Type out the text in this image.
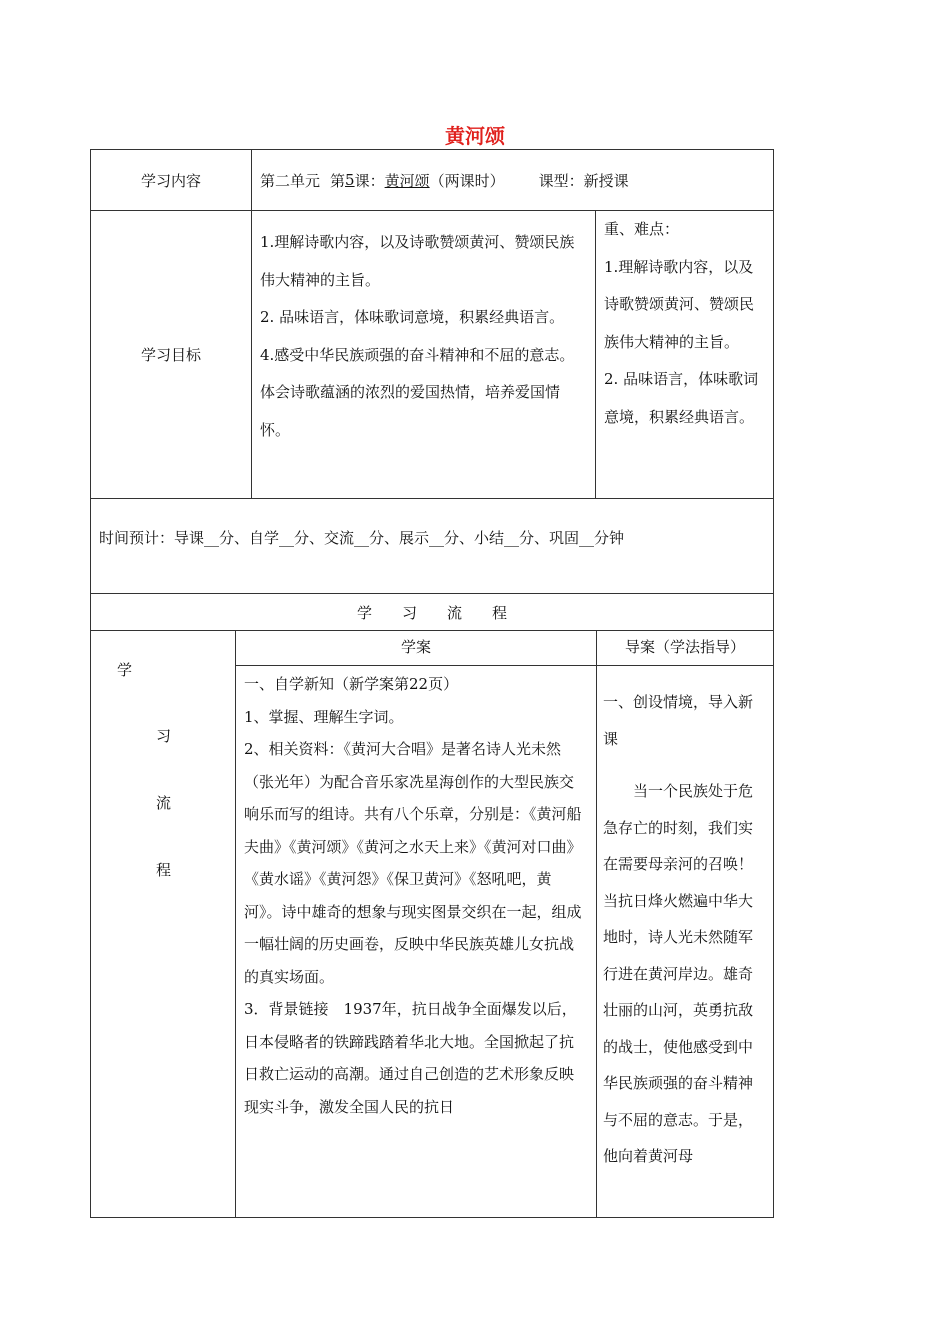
黄河颂
学习内容	第二单元 第 5 课： 黄河颂 （两课时） 课型：新授课
学习目标

1.理解诗歌内容，以及诗歌赞颂黄河、赞颂民族伟大精神的主旨。

2. 品味语言，体味歌词意境，积累经典语言。

4.感受中华民族顽强的奋斗精神和不屈的意志。体会诗歌蕴涵的浓烈的爱国热情，培养爱国情怀。

重、难点：

1.理解诗歌内容，以及诗歌赞颂黄河、赞颂民族伟大精神的主旨。

2. 品味语言，体味歌词意境，积累经典语言。

时间预计：导课__分、自学__分、交流__分、展示__分、小结__分、巩固__分钟
学　　习　　流　　程
学
习
流
程
学案	导案（学法指导）

一、自学新知（新学案第22页）

1、掌握、理解生字词。

2、相关资料：《黄河大合唱》是著名诗人光未然（张光年）为配合音乐家冼星海创作的大型民族交响乐而写的组诗。共有八个乐章，分别是：《黄河船夫曲》《黄河颂》《黄河之水天上来》《黄河对口曲》《黄水谣》《黄河怨》《保卫黄河》《怒吼吧，黄河》。诗中雄奇的想象与现实图景交织在一起，组成一幅壮阔的历史画卷，反映中华民族英雄儿女抗战的真实场面。

3．背景链接　1937年，抗日战争全面爆发以后，日本侵略者的铁蹄践踏着华北大地。全国掀起了抗日救亡运动的高潮。通过自己创造的艺术形象反映现实斗争，激发全国人民的抗日

一、创设情境，导入新课

当一个民族处于危急存亡的时刻，我们实在需要母亲河的召唤！当抗日烽火燃遍中华大地时，诗人光未然随军行进在黄河岸边。雄奇壮丽的山河，英勇抗敌的战士，使他感受到中华民族顽强的奋斗精神与不屈的意志。于是，他向着黄河母
